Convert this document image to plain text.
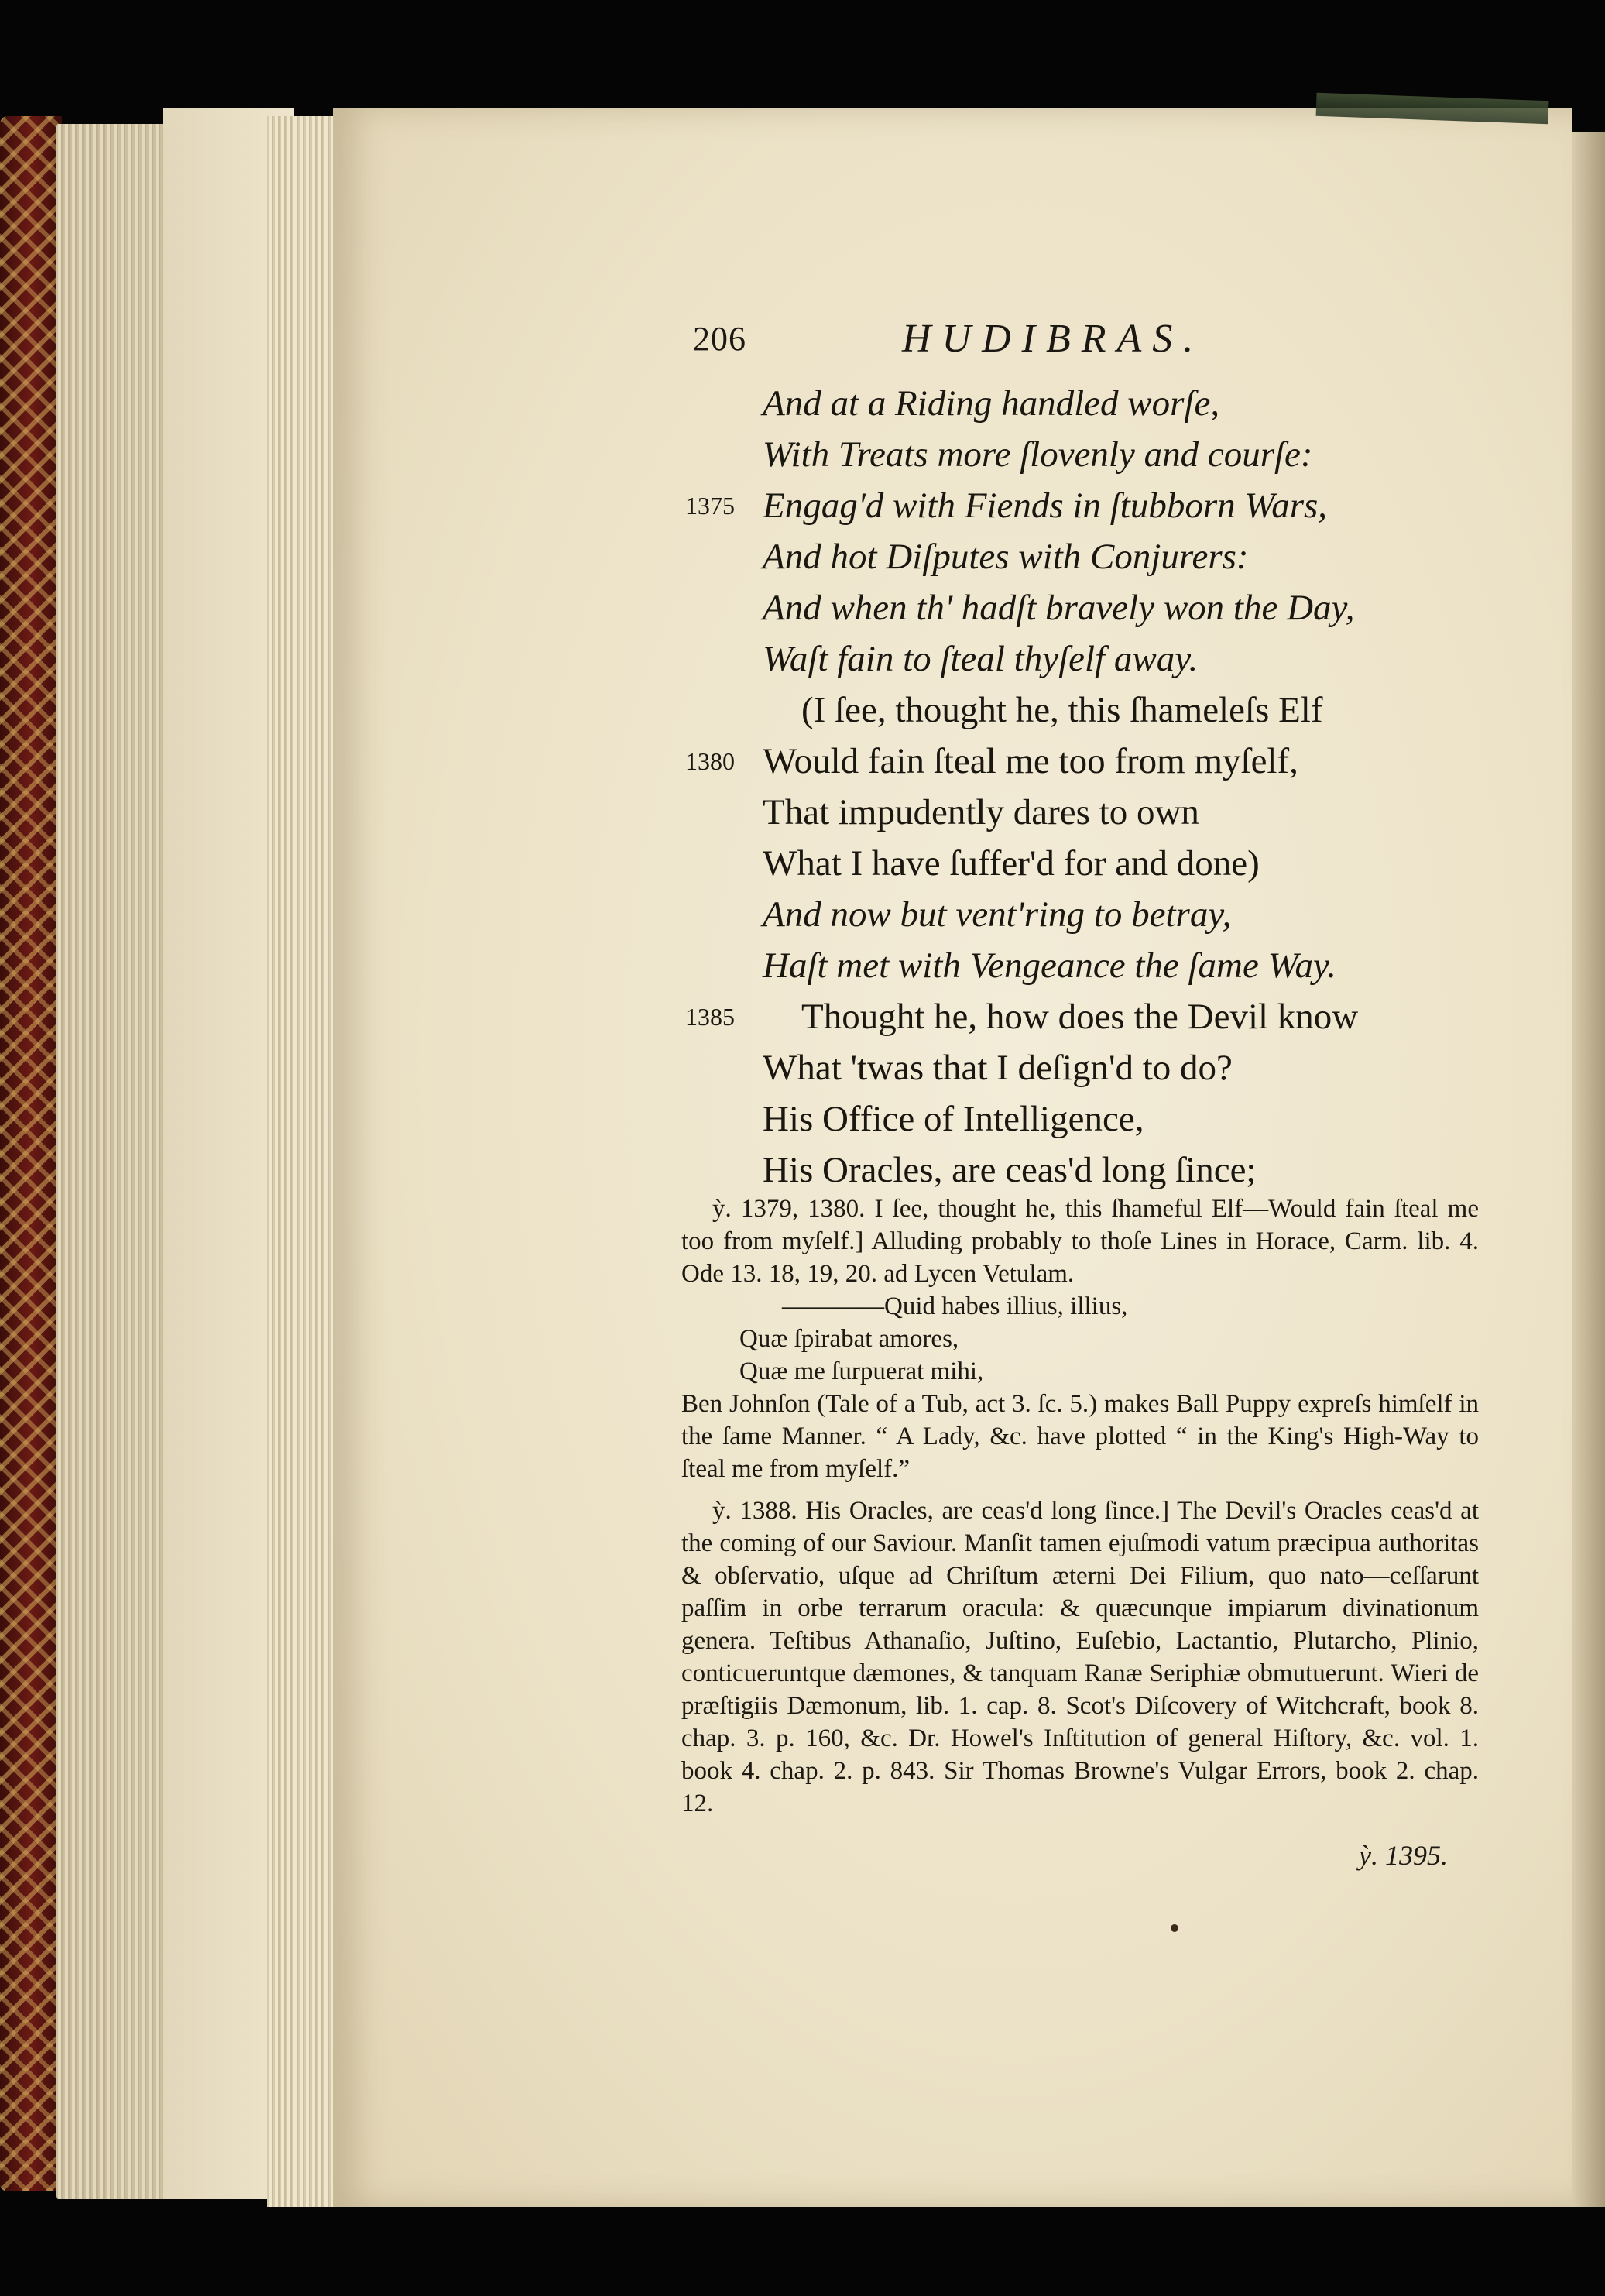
206	HUDIBRAS.
And at a Riding handled worſe,
With Treats more ſlovenly and courſe:
1375 Engag'd with Fiends in ſtubborn Wars,
And hot Diſputes with Conjurers:
And when th' hadſt bravely won the Day,
Waſt fain to ſteal thyſelf away.
(I ſee, thought he, this ſhameleſs Elf
1380 Would fain ſteal me too from myſelf,
That impudently dares to own
What I have ſuffer'd for and done)
And now but vent'ring to betray,
Haſt met with Vengeance the ſame Way.
1385	Thought he, how does the Devil know
What 'twas that I deſign'd to do?
His Office of Intelligence,
His Oracles, are ceas'd long ſince;

ỳ. 1379, 1380. I ſee, thought he, this ſhameful Elf—Would fain ſteal me too from myſelf.] Alluding probably to thoſe Lines in Horace, Carm. lib. 4. Ode 13. 18, 19, 20. ad Lycen Vetulam.

————Quid habes illius, illius,

Quæ ſpirabat amores,

Quæ me ſurpuerat mihi,

Ben Johnſon (Tale of a Tub, act 3. ſc. 5.) makes Ball Puppy expreſs himſelf in the ſame Manner. “ A Lady, &c. have plotted “ in the King's High-Way to ſteal me from myſelf.”

ỳ. 1388. His Oracles, are ceas'd long ſince.] The Devil's Oracles ceas'd at the coming of our Saviour. Manſit tamen ejuſmodi vatum præcipua authoritas & obſervatio, uſque ad Chriſtum æterni Dei Filium, quo nato—ceſſarunt paſſim in orbe terrarum oracula: & quæcunque impiarum divinationum genera. Teſtibus Athanaſio, Juſtino, Euſebio, Lactantio, Plutarcho, Plinio, conticueruntque dæmones, & tanquam Ranæ Seriphiæ obmutuerunt. Wieri de præſtigiis Dæmonum, lib. 1. cap. 8. Scot's Diſcovery of Witchcraft, book 8. chap. 3. p. 160, &c. Dr. Howel's Inſtitution of general Hiſtory, &c. vol. 1. book 4. chap. 2. p. 843. Sir Thomas Browne's Vulgar Errors, book 2. chap. 12.

ỳ. 1395.
